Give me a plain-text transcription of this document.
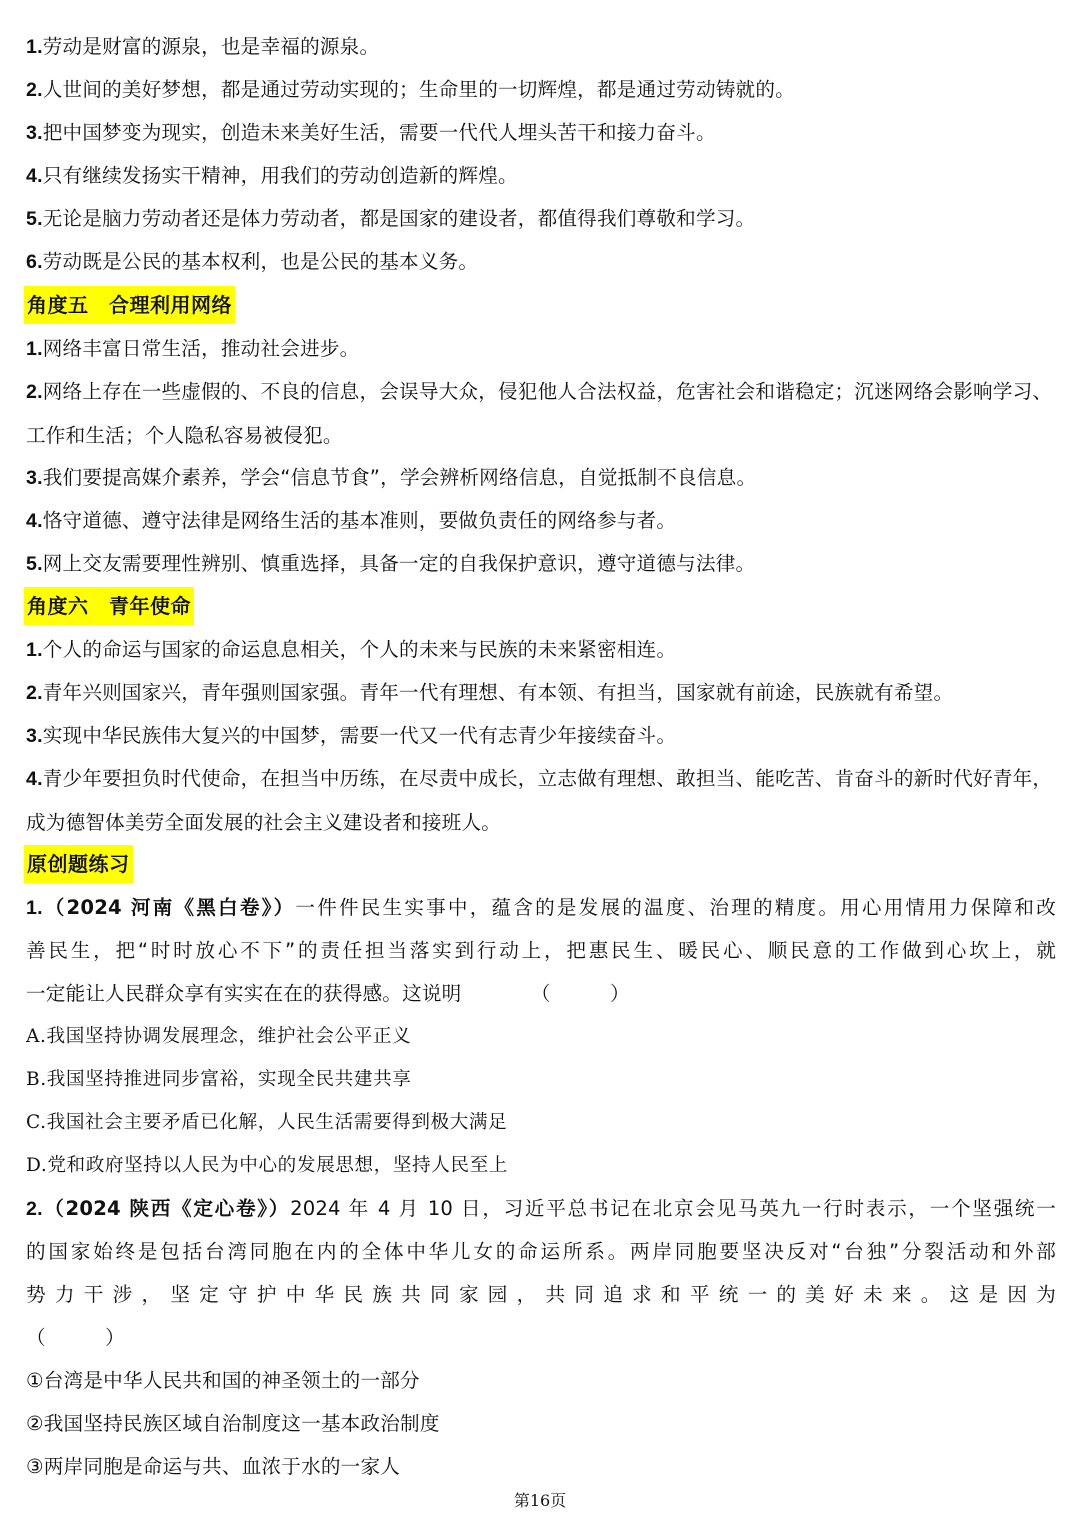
1.劳动是财富的源泉，也是幸福的源泉。
2.人世间的美好梦想，都是通过劳动实现的；生命里的一切辉煌，都是通过劳动铸就的。
3.把中国梦变为现实，创造未来美好生活，需要一代代人埋头苦干和接力奋斗。
4.只有继续发扬实干精神，用我们的劳动创造新的辉煌。
5.无论是脑力劳动者还是体力劳动者，都是国家的建设者，都值得我们尊敬和学习。
6.劳动既是公民的基本权利，也是公民的基本义务。
角度五　合理利用网络
1.网络丰富日常生活，推动社会进步。
2.网络上存在一些虚假的、不良的信息，会误导大众，侵犯他人合法权益，危害社会和谐稳定；沉迷网络会影响学习、工作和生活；个人隐私容易被侵犯。
3.我们要提高媒介素养，学会“信息节食”，学会辨析网络信息，自觉抵制不良信息。
4.恪守道德、遵守法律是网络生活的基本准则，要做负责任的网络参与者。
5.网上交友需要理性辨别、慎重选择，具备一定的自我保护意识，遵守道德与法律。
角度六　青年使命
1.个人的命运与国家的命运息息相关，个人的未来与民族的未来紧密相连。
2.青年兴则国家兴，青年强则国家强。青年一代有理想、有本领、有担当，国家就有前途，民族就有希望。
3.实现中华民族伟大复兴的中国梦，需要一代又一代有志青少年接续奋斗。
4.青少年要担负时代使命，在担当中历练，在尽责中成长，立志做有理想、敢担当、能吃苦、肯奋斗的新时代好青年，成为德智体美劳全面发展的社会主义建设者和接班人。
原创题练习
1.（2024 河南《黑白卷》）一件件民生实事中，蕴含的是发展的温度、治理的精度。用心用情用力保障和改
善民生，把“时时放心不下”的责任担当落实到行动上，把惠民生、暖民心、顺民意的工作做到心坎上，就
一定能让人民群众享有实实在在的获得感。这说明　　　　（　　　）
A.我国坚持协调发展理念，维护社会公平正义
B.我国坚持推进同步富裕，实现全民共建共享
C.我国社会主要矛盾已化解，人民生活需要得到极大满足
D.党和政府坚持以人民为中心的发展思想，坚持人民至上
2.（2024 陕西《定心卷》）2024 年 4 月 10 日，习近平总书记在北京会见马英九一行时表示，一个坚强统一
的国家始终是包括台湾同胞在内的全体中华儿女的命运所系。两岸同胞要坚决反对“台独”分裂活动和外部
势力干涉，坚定守护中华民族共同家园，共同追求和平统一的美好未来。这是因为
（　　　）
①台湾是中华人民共和国的神圣领土的一部分
②我国坚持民族区域自治制度这一基本政治制度
③两岸同胞是命运与共、血浓于水的一家人
第16页
